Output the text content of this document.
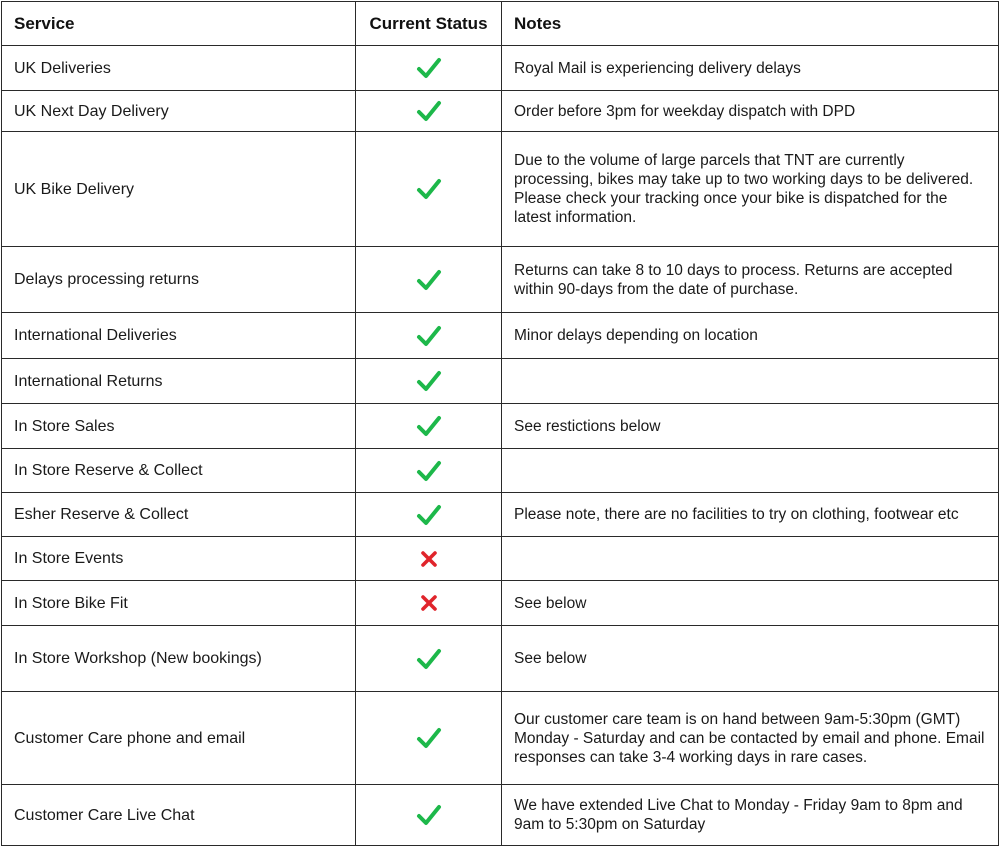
Service	Current Status	Notes
UK Deliveries		Royal Mail is experiencing delivery delays
UK Next Day Delivery		Order before 3pm for weekday dispatch with DPD
UK Bike Delivery		Due to the volume of large parcels that TNT are currently processing, bikes may take up to two working days to be delivered. Please check your tracking once your bike is dispatched for the latest information.
Delays processing returns		Returns can take 8 to 10 days to process. Returns are accepted within 90-days from the date of purchase.
International Deliveries		Minor delays depending on location
International Returns		
In Store Sales		See restictions below
In Store Reserve & Collect		
Esher Reserve & Collect		Please note, there are no facilities to try on clothing, footwear etc
In Store Events		
In Store Bike Fit		See below
In Store Workshop (New bookings)		See below
Customer Care phone and email		Our customer care team is on hand between 9am-5:30pm (GMT) Monday - Saturday and can be contacted by email and phone. Email responses can take 3-4 working days in rare cases.
Customer Care Live Chat		We have extended Live Chat to Monday - Friday 9am to 8pm and 9am to 5:30pm on Saturday
